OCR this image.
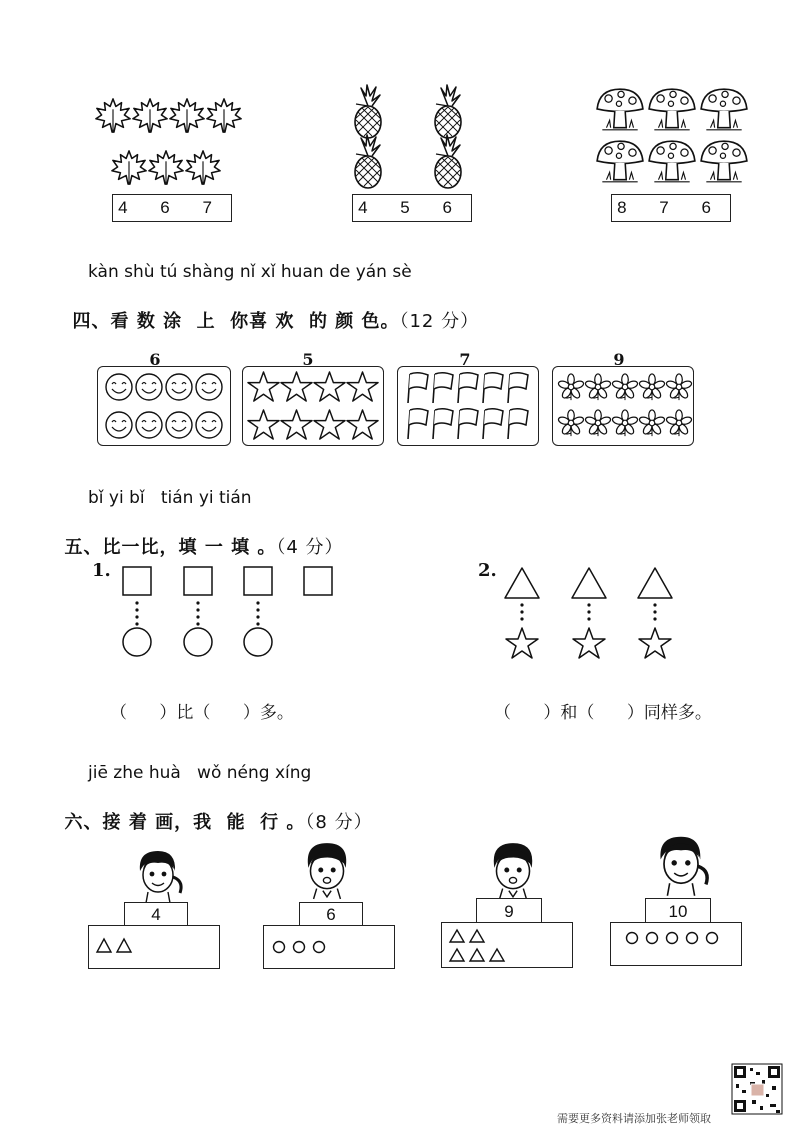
4 6 7	4 5 6	8 7 6
kàn shù tú shàng nǐ xǐ huan de yán sè

四、看 数 涂  上  你喜 欢  的 颜 色。（12 分）

6	5	7	9
bǐ yi bǐ   tián yi tián

五、比一比，填 一 填 。（4 分）

1.
（      ）比（      ）多。
2.
（      ）和（      ）同样多。
jiē zhe huà   wǒ néng xíng

六、接 着 画，我  能  行 。（8 分）

4	6	9	10
需要更多资料请添加张老师领取
